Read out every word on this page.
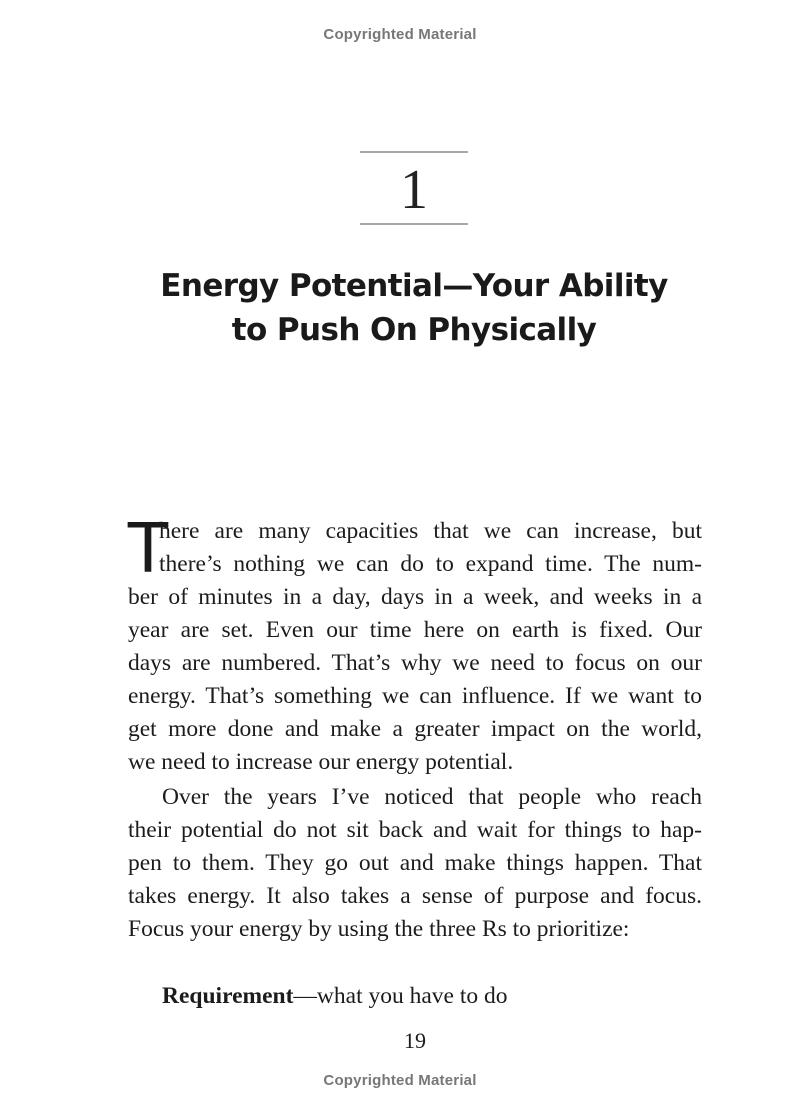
Copyrighted Material
1
Energy Potential—Your Ability
to Push On Physically
T
here are many capacities that we can increase, but
there’s nothing we can do to expand time. The num-
ber of minutes in a day, days in a week, and weeks in a
year are set. Even our time here on earth is fixed. Our
days are numbered. That’s why we need to focus on our
energy. That’s something we can influence. If we want to
get more done and make a greater impact on the world,
we need to increase our energy potential.
Over the years I’ve noticed that people who reach
their potential do not sit back and wait for things to hap-
pen to them. They go out and make things happen. That
takes energy. It also takes a sense of purpose and focus.
Focus your energy by using the three Rs to prioritize:
Requirement—what you have to do
19
Copyrighted Material
